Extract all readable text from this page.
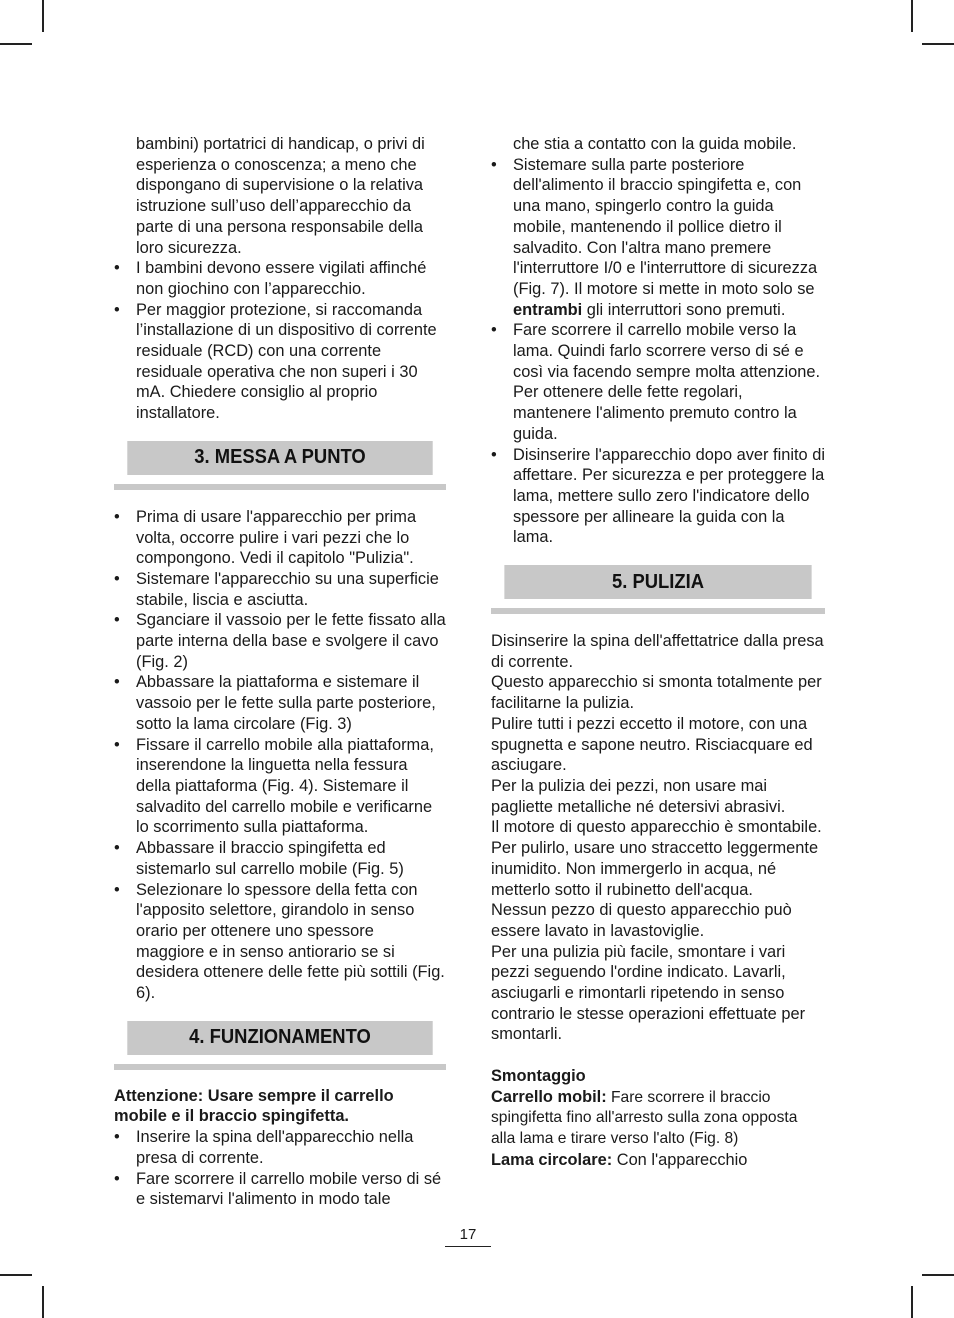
bambini) portatrici di handicap, o privi di esperienza o conoscenza; a meno che dispongano di supervisione o la relativa istruzione sull’uso dell’apparecchio da parte di una persona responsabile della loro sicurezza.

• I bambini devono essere vigilati affinché non giochino con l’apparecchio.
• Per maggior protezione, si raccomanda l’installazione di un dispositivo di corrente residuale (RCD) con una corrente residuale operativa che non superi i 30 mA. Chiedere consiglio al proprio installatore.
3. MESSA A PUNTO
• Prima di usare l'apparecchio per prima volta, occorre pulire i vari pezzi che lo compongono. Vedi il capitolo "Pulizia".
• Sistemare l'apparecchio su una superficie stabile, liscia e asciutta.
• Sganciare il vassoio per le fette fissato alla parte interna della base e svolgere il cavo (Fig. 2)
• Abbassare la piattaforma e sistemare il vassoio per le fette sulla parte posteriore, sotto la lama circolare (Fig. 3)
• Fissare il carrello mobile alla piattaforma, inserendone la linguetta nella fessura della piattaforma (Fig. 4). Sistemare il salvadito del carrello mobile e verificarne lo scorrimento sulla piattaforma.
• Abbassare il braccio spingifetta ed sistemarlo sul carrello mobile (Fig. 5)
• Selezionare lo spessore della fetta con l'apposito selettore, girandolo in senso orario per ottenere uno spessore maggiore e in senso antiorario se si desidera ottenere delle fette più sottili (Fig. 6).
4. FUNZIONAMENTO

Attenzione: Usare sempre il carrello mobile e il braccio spingifetta.

• Inserire la spina dell'apparecchio nella presa di corrente.
• Fare scorrere il carrello mobile verso di sé e sistemarvi l'alimento in modo tale

che stia a contatto con la guida mobile.

• Sistemare sulla parte posteriore dell'alimento il braccio spingifetta e, con una mano, spingerlo contro la guida mobile, mantenendo il pollice dietro il salvadito. Con l'altra mano premere l'interruttore I/0 e l'interruttore di sicurezza (Fig. 7). Il motore si mette in moto solo se entrambi gli interruttori sono premuti.
• Fare scorrere il carrello mobile verso la lama. Quindi farlo scorrere verso di sé e così via facendo sempre molta attenzione. Per ottenere delle fette regolari, mantenere l'alimento premuto contro la guida.
• Disinserire l'apparecchio dopo aver finito di affettare. Per sicurezza e per proteggere la lama, mettere sullo zero l'indicatore dello spessore per allineare la guida con la lama.
5. PULIZIA

Disinserire la spina dell'affettatrice dalla presa di corrente.

Questo apparecchio si smonta totalmente per facilitarne la pulizia.

Pulire tutti i pezzi eccetto il motore, con una spugnetta e sapone neutro. Risciacquare ed asciugare.

Per la pulizia dei pezzi, non usare mai pagliette metalliche né detersivi abrasivi.

Il motore di questo apparecchio è smontabile. Per pulirlo, usare uno straccetto leggermente inumidito. Non immergerlo in acqua, né metterlo sotto il rubinetto dell'acqua.

Nessun pezzo di questo apparecchio può essere lavato in lavastoviglie.

Per una pulizia più facile, smontare i vari pezzi seguendo l'ordine indicato. Lavarli, asciugarli e rimontarli ripetendo in senso contrario le stesse operazioni effettuate per smontarli.

Smontaggio

Carrello mobil: Fare scorrere il braccio spingifetta fino all'arresto sulla zona opposta alla lama e tirare verso l'alto (Fig. 8)

Lama circolare: Con l'apparecchio

17
